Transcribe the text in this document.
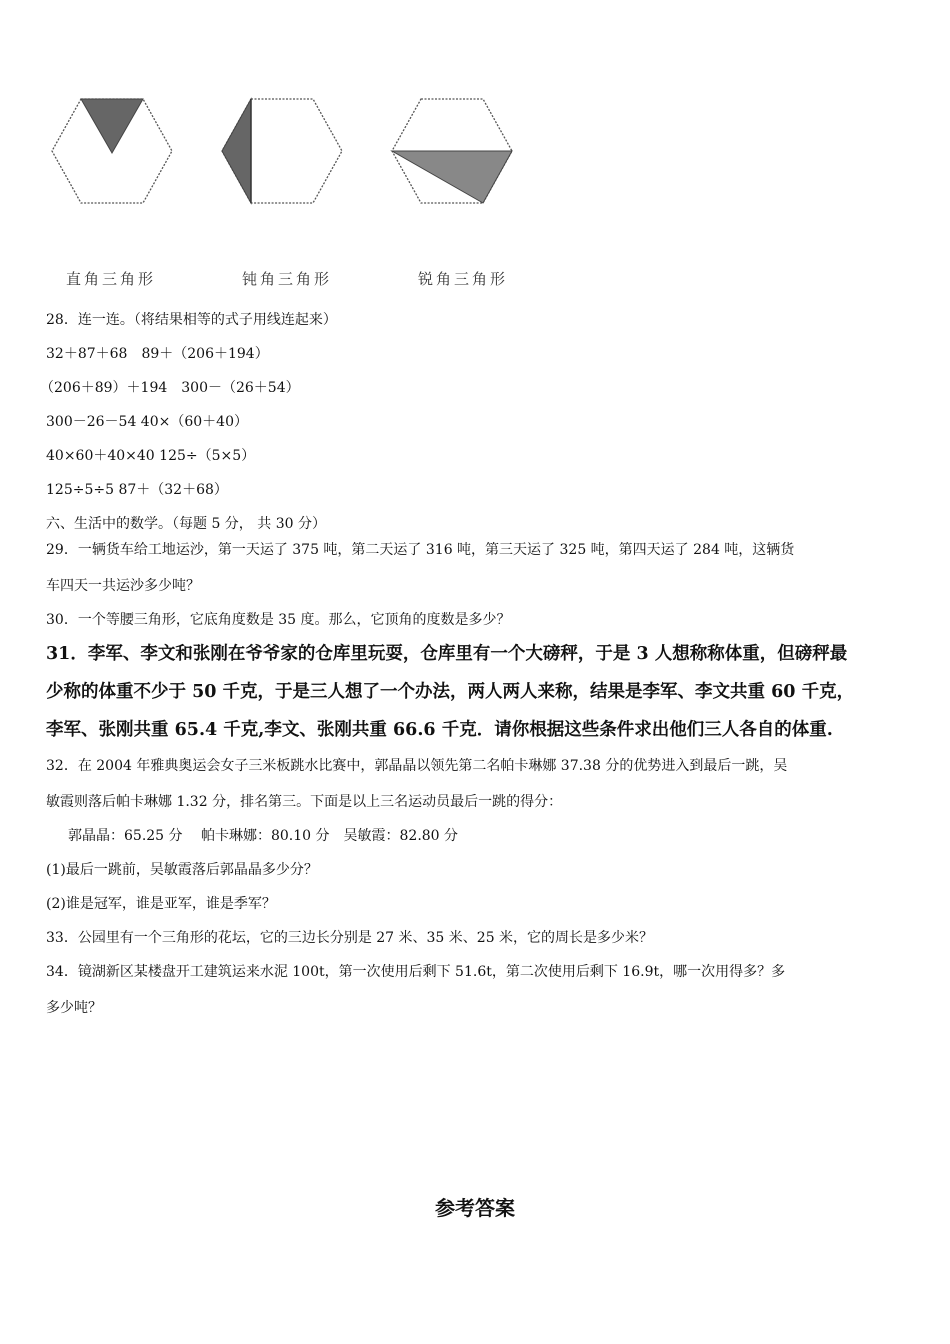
直角三角形	钝角三角形	锐角三角形
28．连一连。（将结果相等的式子用线连起来）
32＋87＋68　89＋（206＋194）
（206＋89）＋194　300－（26＋54）
300－26－54 40×（60＋40）
40×60＋40×40 125÷（5×5）
125÷5÷5 87＋（32＋68）
六、生活中的数学。（每题 5 分， 共 30 分）
29．一辆货车给工地运沙，第一天运了 375 吨，第二天运了 316 吨，第三天运了 325 吨，第四天运了 284 吨，这辆货
车四天一共运沙多少吨？
30．一个等腰三角形，它底角度数是 35 度。那么，它顶角的度数是多少？
31．李军、李文和张刚在爷爷家的仓库里玩耍，仓库里有一个大磅秤，于是 3 人想称称体重，但磅秤最
少称的体重不少于 50 千克，于是三人想了一个办法，两人两人来称，结果是李军、李文共重 60 千克，
李军、张刚共重 65.4 千克,李文、张刚共重 66.6 千克．请你根据这些条件求出他们三人各自的体重.
32．在 2004 年雅典奥运会女子三米板跳水比赛中，郭晶晶以领先第二名帕卡琳娜 37.38 分的优势进入到最后一跳，吴
敏霞则落后帕卡琳娜 1.32 分，排名第三。下面是以上三名运动员最后一跳的得分：
郭晶晶：65.25 分　 帕卡琳娜：80.10 分　吴敏霞：82.80 分
(1)最后一跳前，吴敏霞落后郭晶晶多少分？
(2)谁是冠军，谁是亚军，谁是季军？
33．公园里有一个三角形的花坛，它的三边长分别是 27 米、35 米、25 米，它的周长是多少米？
34．镜湖新区某楼盘开工建筑运来水泥 100t，第一次使用后剩下 51.6t，第二次使用后剩下 16.9t，哪一次用得多？多
多少吨？
参考答案
